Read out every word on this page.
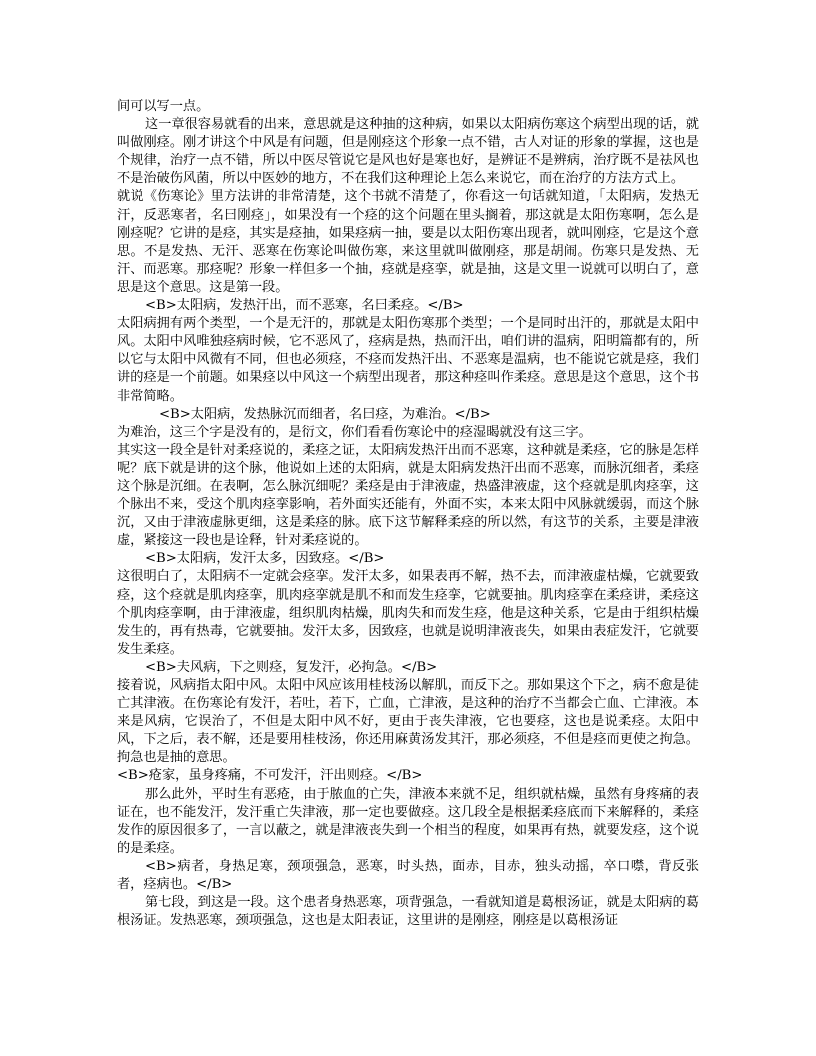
间可以写一点。

这一章很容易就看的出来，意思就是这种抽的这种病，如果以太阳病伤寒这个病型出现的话，就叫做刚痉。刚才讲这个中风是有问题，但是刚痉这个形象一点不错，古人对证的形象的掌握，这也是个规律，治疗一点不错，所以中医尽管说它是风也好是寒也好，是辨证不是辨病，治疗既不是祛风也不是治破伤风菌，所以中医妙的地方，不在我们这种理论上怎么来说它，而在治疗的方法方式上。

就说《伤寒论》里方法讲的非常清楚，这个书就不清楚了，你看这一句话就知道，「太阳病，发热无汗，反恶寒者，名曰刚痉」，如果没有一个痉的这个问题在里头搁着，那这就是太阳伤寒啊，怎么是刚痉呢？它讲的是痉，其实是痉抽，如果痉病一抽，要是以太阳伤寒出现者，就叫刚痉，它是这个意思。不是发热、无汗、恶寒在伤寒论叫做伤寒，来这里就叫做刚痉，那是胡闹。伤寒只是发热、无汗、而恶寒。那痉呢？形象一样但多一个抽，痉就是痉挛，就是抽，这是文里一说就可以明白了，意思是这个意思。这是第一段。

<B>太阳病，发热汗出，而不恶寒，名曰柔痉。</B>

太阳病拥有两个类型，一个是无汗的，那就是太阳伤寒那个类型；一个是同时出汗的，那就是太阳中风。太阳中风唯独痉病时候，它不恶风了，痉病是热，热而汗出，咱们讲的温病，阳明篇都有的，所以它与太阳中风微有不同，但也必须痉，不痉而发热汗出、不恶寒是温病，也不能说它就是痉，我们讲的痉是一个前题。如果痉以中风这一个病型出现者，那这种痉叫作柔痉。意思是这个意思，这个书非常简略。

<B>太阳病，发热脉沉而细者，名曰痉，为难治。</B>

为难治，这三个字是没有的，是衍文，你们看看伤寒论中的痉湿暍就没有这三字。

其实这一段全是针对柔痉说的，柔痉之证，太阳病发热汗出而不恶寒，这种就是柔痉，它的脉是怎样呢？底下就是讲的这个脉，他说如上述的太阳病，就是太阳病发热汗出而不恶寒，而脉沉细者，柔痉这个脉是沉细。在表啊，怎么脉沉细呢？柔痉是由于津液虚，热盛津液虚，这个痉就是肌肉痉挛，这个脉出不来，受这个肌肉痉挛影响，若外面实还能有，外面不实，本来太阳中风脉就缓弱，而这个脉沉，又由于津液虚脉更细，这是柔痉的脉。底下这节解释柔痉的所以然，有这节的关系，主要是津液虚，紧接这一段也是诠释，针对柔痉说的。

<B>太阳病，发汗太多，因致痉。</B>

这很明白了，太阳病不一定就会痉挛。发汗太多，如果表再不解，热不去，而津液虚枯燥，它就要致痉，这个痉就是肌肉痉挛，肌肉痉挛就是肌不和而发生痉挛，它就要抽。肌肉痉挛在柔痉讲，柔痉这个肌肉痉挛啊，由于津液虚，组织肌肉枯燥，肌肉失和而发生痉，他是这种关系，它是由于组织枯燥发生的，再有热毒，它就要抽。发汗太多，因致痉，也就是说明津液丧失，如果由表症发汗，它就要发生柔痉。

<B>夫风病，下之则痉，复发汗，必拘急。</B>

接着说，风病指太阳中风。太阳中风应该用桂枝汤以解肌，而反下之。那如果这个下之，病不愈是徒亡其津液。在伤寒论有发汗，若吐，若下，亡血，亡津液，是这种的治疗不当都会亡血、亡津液。本来是风病，它误治了，不但是太阳中风不好，更由于丧失津液，它也要痉，这也是说柔痉。太阳中风，下之后，表不解，还是要用桂枝汤，你还用麻黄汤发其汗，那必须痉，不但是痉而更使之拘急。拘急也是抽的意思。

<B>疮家，虽身疼痛，不可发汗，汗出则痉。</B>

那么此外，平时生有恶疮，由于脓血的亡失，津液本来就不足，组织就枯燥，虽然有身疼痛的表证在，也不能发汗，发汗重亡失津液，那一定也要做痉。这几段全是根据柔痉底而下来解释的，柔痉发作的原因很多了，一言以蔽之，就是津液丧失到一个相当的程度，如果再有热，就要发痉，这个说的是柔痉。

<B>病者，身热足寒，颈项强急，恶寒，时头热，面赤，目赤，独头动摇，卒口噤，背反张者，痉病也。</B>

第七段，到这是一段。这个患者身热恶寒，项背强急，一看就知道是葛根汤证，就是太阳病的葛根汤证。发热恶寒，颈项强急，这也是太阳表证，这里讲的是刚痉，刚痉是以葛根汤证
